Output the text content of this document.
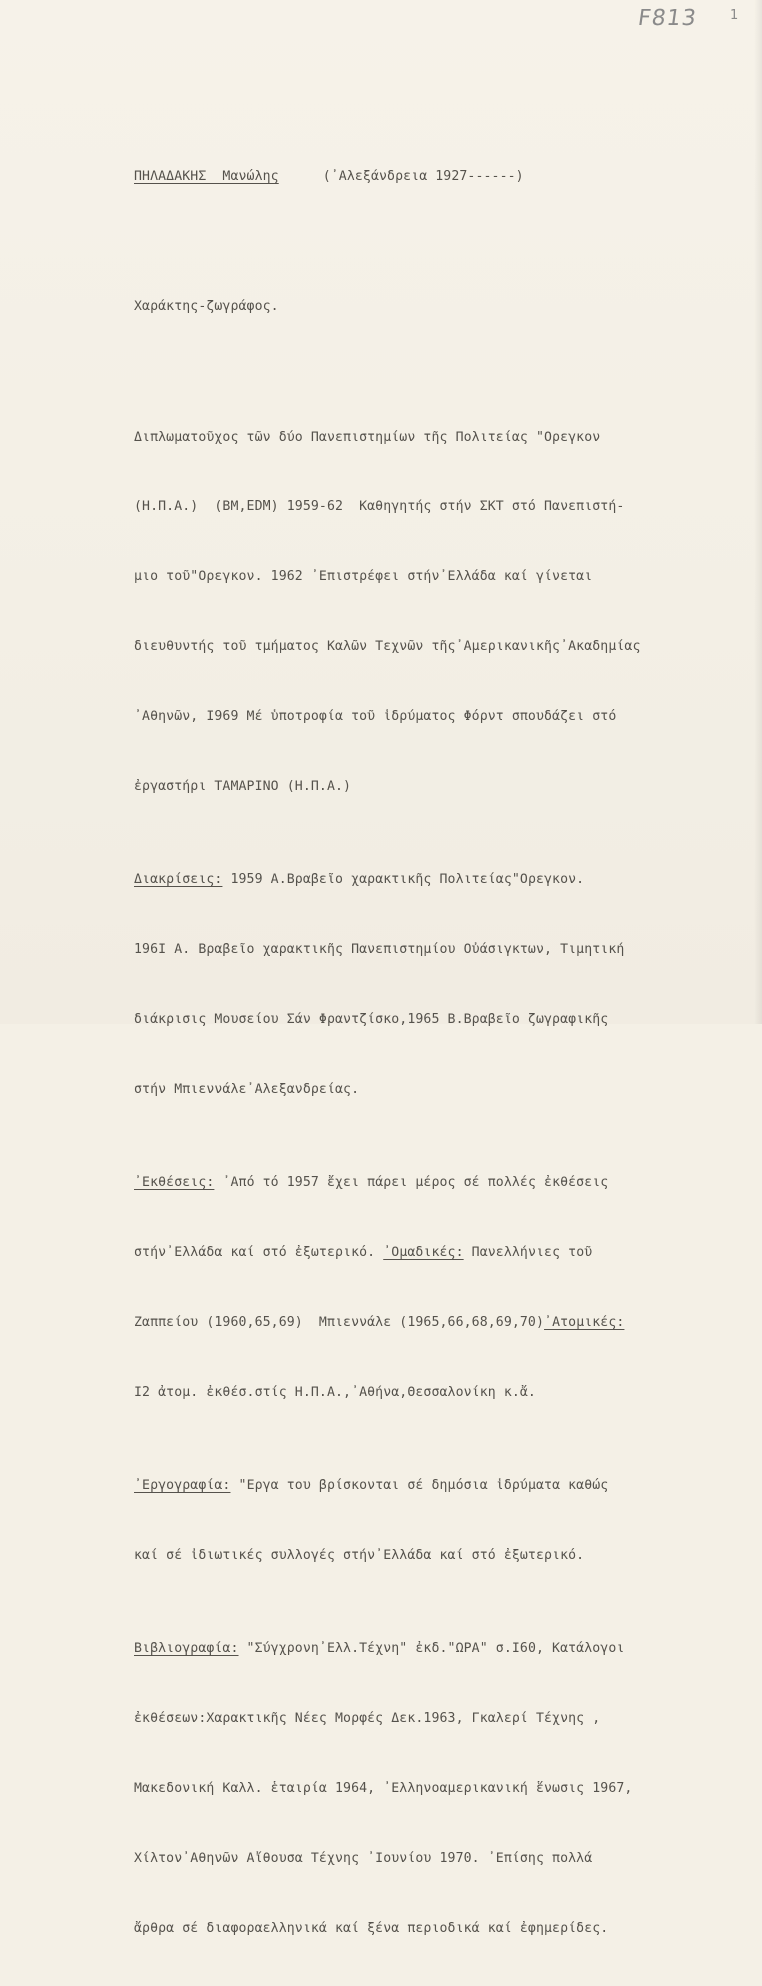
F813 1

ΠΗΛΑΔΑΚΗΣ  Μανώλης	(᾽Αλεξάνδρεια 1927------)

Χαράκτης-ζωγράφος.

Διπλωματοῦχος τῶν δύο Πανεπιστημίων τῆς Πολιτείας "Ορεγκον

(Η.Π.Α.)  (ΒΜ,EDM) 1959-62  Καθηγητής στήν ΣΚΤ στό Πανεπιστή-

μιο τοῦ"Ορεγκον. 1962 ᾽Επιστρέφει στήν᾽Ελλάδα καί γίνεται

διευθυντής τοῦ τμήματος Καλῶν Τεχνῶν τῆς᾽Αμερικανικῆς᾽Ακαδημίας

᾽Αθηνῶν, Ι969 Μέ ὑποτροφία τοῦ ἱδρύματος Φόρντ σπουδάζει στό

ἐργαστήρι ΤΑΜΑΡΙΝΟ (Η.Π.Α.)

Διακρίσεις: 1959 Α.Βραβεῖο χαρακτικῆς Πολιτείας"Ορεγκον.

196Ι Α. Βραβεῖο χαρακτικῆς Πανεπιστημίου Οὐάσιγκτων, Τιμητική

διάκρισις Μουσείου Σάν Φραντζίσκο,1965 Β.Βραβεῖο ζωγραφικῆς

στήν Μπιεννάλε᾽Αλεξανδρείας.

᾽Εκθέσεις: ᾽Από τό 1957 ἔχει πάρει μέρος σέ πολλές ἐκθέσεις

στήν᾽Ελλάδα καί στό ἐξωτερικό. ᾽Ομαδικές: Πανελλήνιες τοῦ

Ζαππείου (1960,65,69)  Μπιεννάλε (1965,66,68,69,70)᾽Ατομικές:

Ι2 ἀτομ. ἐκθέσ.στίς Η.Π.Α.,᾽Αθήνα,Θεσσαλονίκη κ.ἄ.

᾽Εργογραφία: "Εργα του βρίσκονται σέ δημόσια ἱδρύματα καθώς

καί σέ ἰδιωτικές συλλογές στήν᾽Ελλάδα καί στό ἐξωτερικό.

Βιβλιογραφία: "Σύγχρονη᾽Ελλ.Τέχνη" ἐκδ."ΩΡΑ" σ.Ι60, Κατάλογοι

ἐκθέσεων:Χαρακτικῆς Νέες Μορφές Δεκ.1963, Γκαλερί Τέχνης ,

Μακεδονική Καλλ. ἑταιρία 1964, ᾽Ελληνοαμερικανική ἕνωσις 1967,

Χίλτον᾽Αθηνῶν Αἴθουσα Τέχνης ᾽Ιουνίου 1970. ᾽Επίσης πολλά

ἄρθρα σέ διαφοραελληνικά καί ξένα περιοδικά καί ἐφημερίδες.
